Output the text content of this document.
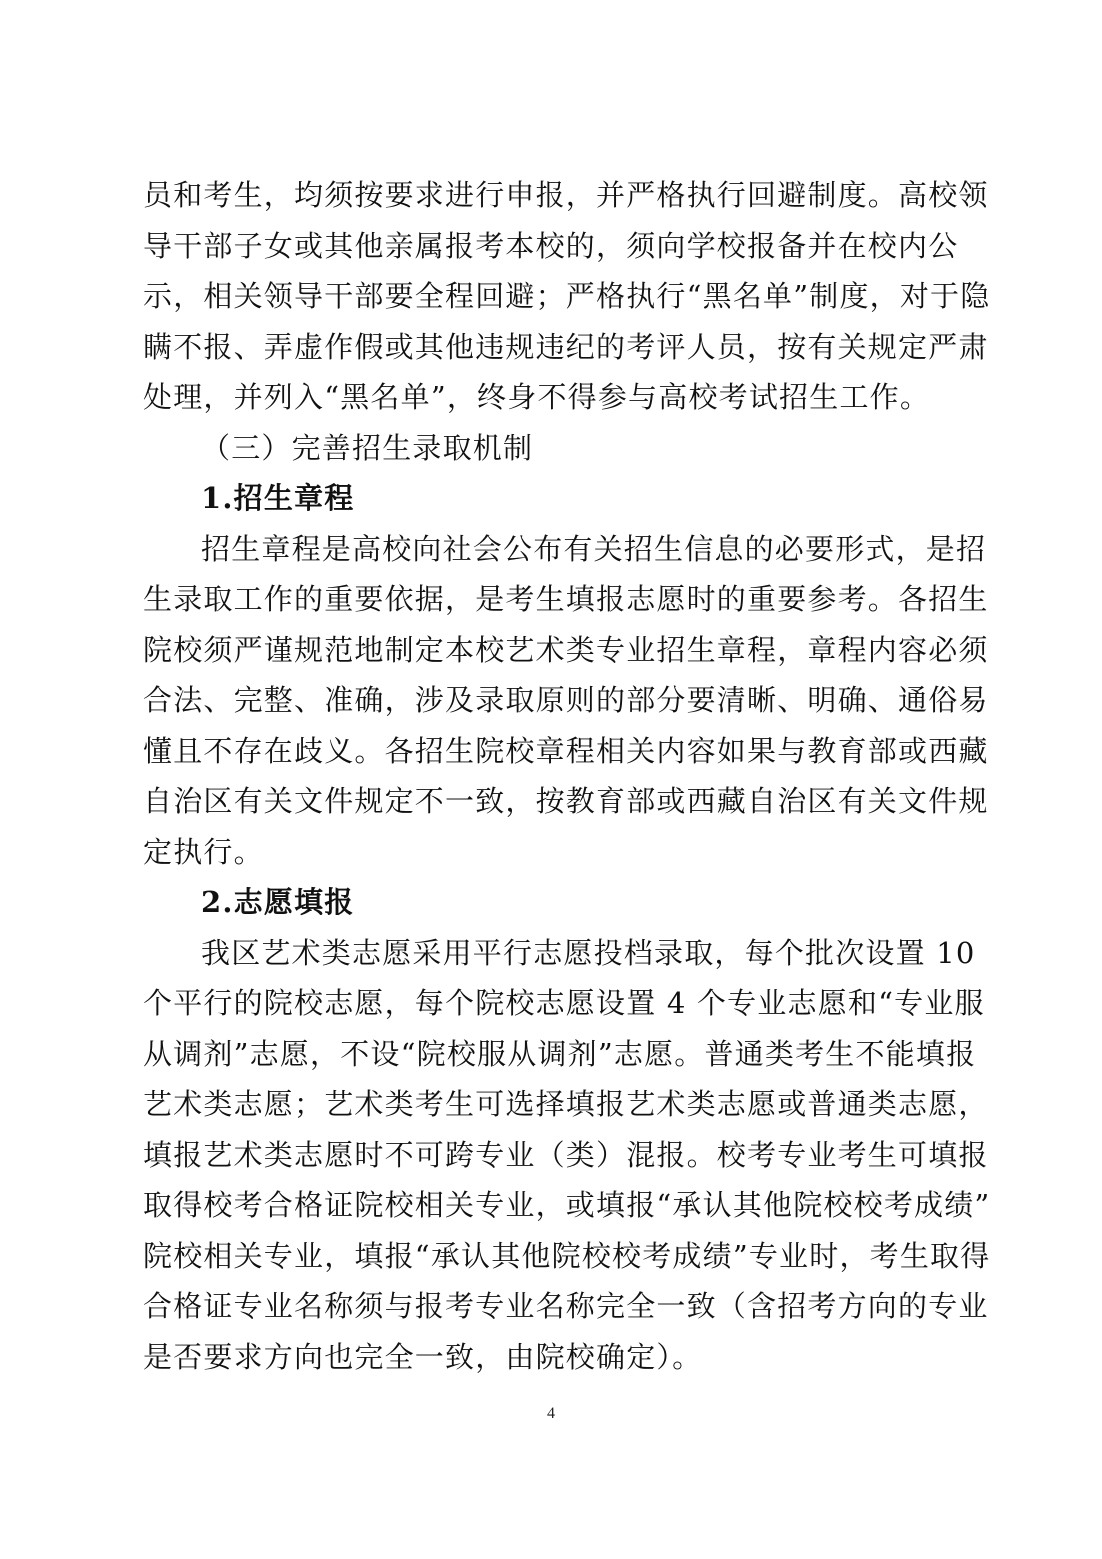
员和考生，均须按要求进行申报，并严格执行回避制度。高校领
导干部子女或其他亲属报考本校的，须向学校报备并在校内公
示，相关领导干部要全程回避；严格执行“黑名单”制度，对于隐
瞒不报、弄虚作假或其他违规违纪的考评人员，按有关规定严肃
处理，并列入“黑名单”，终身不得参与高校考试招生工作。
（三）完善招生录取机制
1.招生章程
招生章程是高校向社会公布有关招生信息的必要形式，是招
生录取工作的重要依据，是考生填报志愿时的重要参考。各招生
院校须严谨规范地制定本校艺术类专业招生章程，章程内容必须
合法、完整、准确，涉及录取原则的部分要清晰、明确、通俗易
懂且不存在歧义。各招生院校章程相关内容如果与教育部或西藏
自治区有关文件规定不一致，按教育部或西藏自治区有关文件规
定执行。
2.志愿填报
我区艺术类志愿采用平行志愿投档录取，每个批次设置 10
个平行的院校志愿，每个院校志愿设置 4 个专业志愿和“专业服
从调剂”志愿，不设“院校服从调剂”志愿。普通类考生不能填报
艺术类志愿；艺术类考生可选择填报艺术类志愿或普通类志愿，
填报艺术类志愿时不可跨专业（类）混报。校考专业考生可填报
取得校考合格证院校相关专业，或填报“承认其他院校校考成绩”
院校相关专业，填报“承认其他院校校考成绩”专业时，考生取得
合格证专业名称须与报考专业名称完全一致（含招考方向的专业
是否要求方向也完全一致，由院校确定）。
4
